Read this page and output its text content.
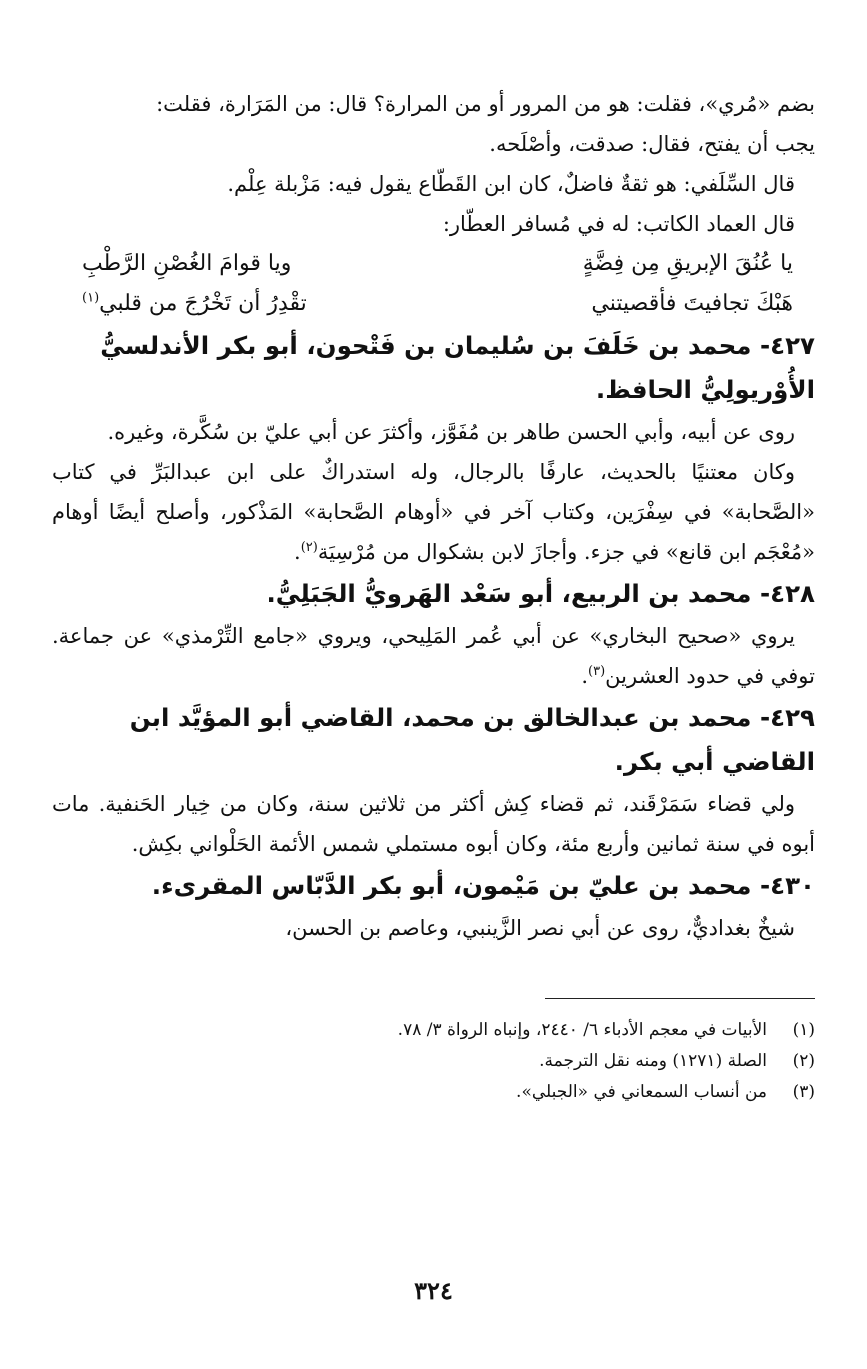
بضم «مُري»، فقلت: هو من المرور أو من المرارة؟ قال: من المَرَارة، فقلت:

يجب أن يفتح، فقال: صدقت، وأصْلَحه.

قال السِّلَفي: هو ثقةٌ فاضلٌ، كان ابن القَطّاع يقول فيه: مَزْبلة عِلْم.

قال العماد الكاتب: له في مُسافر العطّار:

يا عُنُقَ الإبريقِ مِن فِضَّةٍ
ويا قوامَ الغُصْنِ الرَّطْبِ
هَبْكَ تجافيتَ فأقصيتني
تقْدِرُ أن تَخْرُجَ من قلبي$^{(١)}$
٤٢٧- محمد بن خَلَفَ بن سُليمان بن فَتْحون، أبو بكر الأندلسيُّ الأُوْريولِيُّ الحافظ.

روى عن أبيه، وأبي الحسن طاهر بن مُفَوَّز، وأكثرَ عن أبي عليّ بن سُكَّرة، وغيره.

وكان معتنيًا بالحديث، عارفًا بالرجال، وله استدراكٌ على ابن عبدالبَرِّ في كتاب «الصَّحابة» في سِفْرَين، وكتاب آخر في «أوهام الصَّحابة» المَذْكور، وأصلح أيضًا أوهام «مُعْجَم ابن قانع» في جزء. وأجازَ لابن بشكوال من مُرْسِيَة$^{(٢)}$.

٤٢٨- محمد بن الربيع، أبو سَعْد الهَرويُّ الجَبَلِيُّ.

يروي «صحيح البخاري» عن أبي عُمر المَلِيحي، ويروي «جامع التِّرْمذي» عن جماعة. توفي في حدود العشرين$^{(٣)}$.

٤٢٩- محمد بن عبدالخالق بن محمد، القاضي أبو المؤيَّد ابن القاضي أبي بكر.

ولي قضاء سَمَرْقَند، ثم قضاء كِش أكثر من ثلاثين سنة، وكان من خِيار الحَنفية. مات أبوه في سنة ثمانين وأربع مئة، وكان أبوه مستملي شمس الأئمة الحَلْواني بكِش.

٤٣٠- محمد بن عليّ بن مَيْمون، أبو بكر الدَّبّاس المقرىء.

شيخٌ بغداديٌّ، روى عن أبي نصر الزَّينبي، وعاصم بن الحسن،

(١)
الأبيات في معجم الأدباء ٦/ ٢٤٤٠، وإنباه الرواة ٣/ ٧٨.
(٢)
الصلة (١٢٧١) ومنه نقل الترجمة.
(٣)
من أنساب السمعاني في «الجبلي».
٣٢٤
